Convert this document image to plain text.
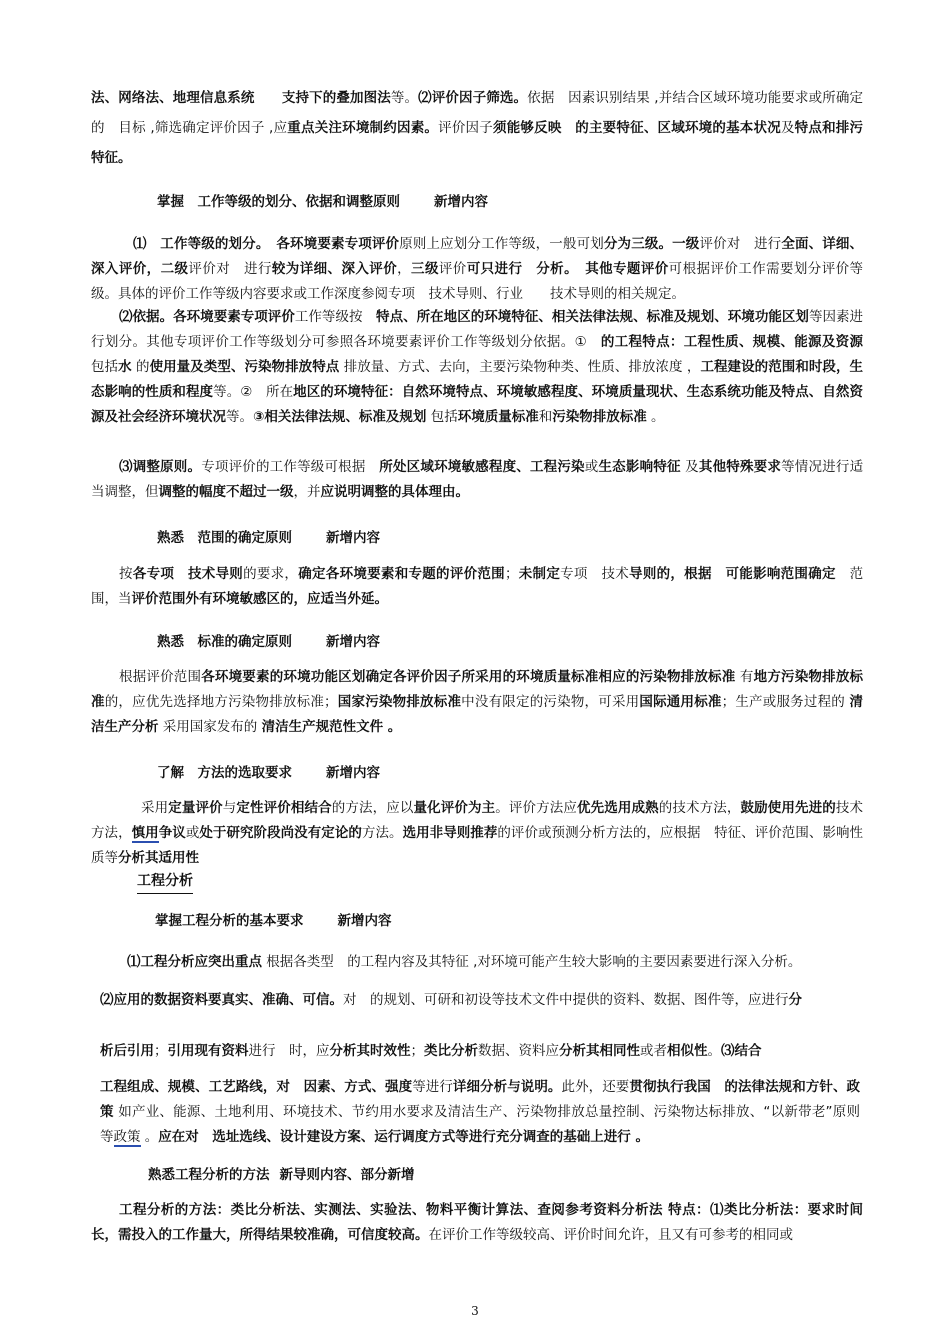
法、网络法、地理信息系统　　支持下的叠加图法等。⑵评价因子筛选。依据　因素识别结果 ,并结合区域环境功能要求或所确定的　目标 ,筛选确定评价因子 ,应重点关注环境制约因素。评价因子须能够反映　的主要特征、区域环境的基本状况及特点和排污特征。

掌握　工作等级的划分、依据和调整原则	新增内容

⑴　工作等级的划分。　 各环境要素专项评价原则上应划分工作等级，一般可划分为三级。一级评价对　进行全面、详细、深入评价，二级评价对　进行较为详细、深入评价，三级评价可只进行　分析。　 其他专题评价可根据评价工作需要划分评价等级。具体的评价工作等级内容要求或工作深度参阅专项　技术导则、行业　　技术导则的相关规定。

⑵依据。各环境要素专项评价工作等级按　特点、所在地区的环境特征、相关法律法规、标准及规划、环境功能区划等因素进行划分。其他专项评价工作等级划分可参照各环境要素评价工作等级划分依据。①　的工程特点：工程性质、规模、能源及资源 包括水 的使用量及类型、污染物排放特点 排放量、方式、去向，主要污染物种类、性质、排放浓度 ，工程建设的范围和时段，生态影响的性质和程度等。②　所在地区的环境特征：自然环境特点、环境敏感程度、环境质量现状、生态系统功能及特点、自然资源及社会经济环境状况等。③相关法律法规、标准及规划 包括环境质量标准和污染物排放标准 。

⑶调整原则。专项评价的工作等级可根据　所处区域环境敏感程度、工程污染或生态影响特征 及其他特殊要求等情况进行适当调整，但调整的幅度不超过一级，并应说明调整的具体理由。

熟悉　范围的确定原则	新增内容

按各专项　技术导则的要求，确定各环境要素和专题的评价范围；未制定专项　技术导则的，根据　可能影响范围确定　范围，当评价范围外有环境敏感区的，应适当外延。

熟悉　标准的确定原则	新增内容

根据评价范围各环境要素的环境功能区划确定各评价因子所采用的环境质量标准相应的污染物排放标准 有地方污染物排放标准的，应优先选择地方污染物排放标准；国家污染物排放标准中没有限定的污染物，可采用国际通用标准；生产或服务过程的 清洁生产分析 采用国家发布的 清洁生产规范性文件 。

了解　方法的选取要求	新增内容

采用定量评价与定性评价相结合的方法，应以量化评价为主。评价方法应优先选用成熟的技术方法，鼓励使用先进的技术方法，慎用争议或处于研究阶段尚没有定论的方法。选用非导则推荐的评价或预测分析方法的，应根据　特征、评价范围、影响性质等分析其适用性

工程分析
掌握工程分析的基本要求	新增内容

⑴工程分析应突出重点 根据各类型　的工程内容及其特征 ,对环境可能产生较大影响的主要因素要进行深入分析。

⑵应用的数据资料要真实、准确、可信。对　的规划、可研和初设等技术文件中提供的资料、数据、图件等，应进行分

析后引用；引用现有资料进行　时，应分析其时效性；类比分析数据、资料应分析其相同性或者相似性。⑶结合

工程组成、规模、工艺路线，对　因素、方式、强度等进行详细分析与说明。此外，还要贯彻执行我国　的法律法规和方针、政策 如产业、能源、土地利用、环境技术、节约用水要求及清洁生产、污染物排放总量控制、污染物达标排放、“以新带老”原则等政策 。应在对　选址选线、设计建设方案、运行调度方式等进行充分调查的基础上进行 。

熟悉工程分析的方法 新导则内容、部分新增

工程分析的方法：类比分析法、实测法、实验法、物料平衡计算法、查阅参考资料分析法 特点：⑴类比分析法：要求时间长，需投入的工作量大，所得结果较准确，可信度较高。在评价工作等级较高、评价时间允许，且又有可参考的相同或

3
